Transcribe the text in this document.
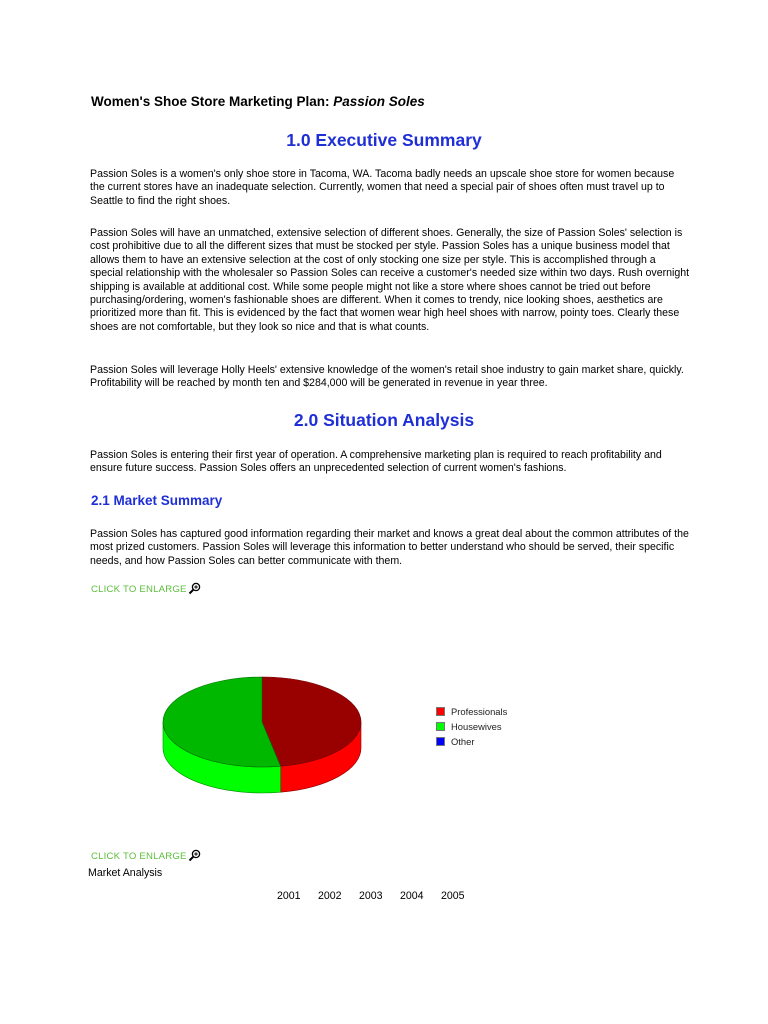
Women's Shoe Store Marketing Plan: Passion Soles
1.0 Executive Summary

Passion Soles is a women's only shoe store in Tacoma, WA. Tacoma badly needs an upscale shoe store for women because the current stores have an inadequate selection. Currently, women that need a special pair of shoes often must travel up to Seattle to find the right shoes.

Passion Soles will have an unmatched, extensive selection of different shoes. Generally, the size of Passion Soles' selection is cost prohibitive due to all the different sizes that must be stocked per style. Passion Soles has a unique business model that allows them to have an extensive selection at the cost of only stocking one size per style. This is accomplished through a special relationship with the wholesaler so Passion Soles can receive a customer's needed size within two days. Rush overnight shipping is available at additional cost. While some people might not like a store where shoes cannot be tried out before purchasing/ordering, women's fashionable shoes are different. When it comes to trendy, nice looking shoes, aesthetics are prioritized more than fit. This is evidenced by the fact that women wear high heel shoes with narrow, pointy toes. Clearly these shoes are not comfortable, but they look so nice and that is what counts.

Passion Soles will leverage Holly Heels' extensive knowledge of the women's retail shoe industry to gain market share, quickly. Profitability will be reached by month ten and $284,000 will be generated in revenue in year three.

2.0 Situation Analysis

Passion Soles is entering their first year of operation. A comprehensive marketing plan is required to reach profitability and ensure future success. Passion Soles offers an unprecedented selection of current women's fashions.

2.1 Market Summary

Passion Soles has captured good information regarding their market and knows a great deal about the common attributes of the most prized customers. Passion Soles will leverage this information to better understand who should be served, their specific needs, and how Passion Soles can better communicate with them.

CLICK TO ENLARGE
Professionals
Housewives
Other
CLICK TO ENLARGE
Market Analysis
2001	2002	2003	2004	2005
